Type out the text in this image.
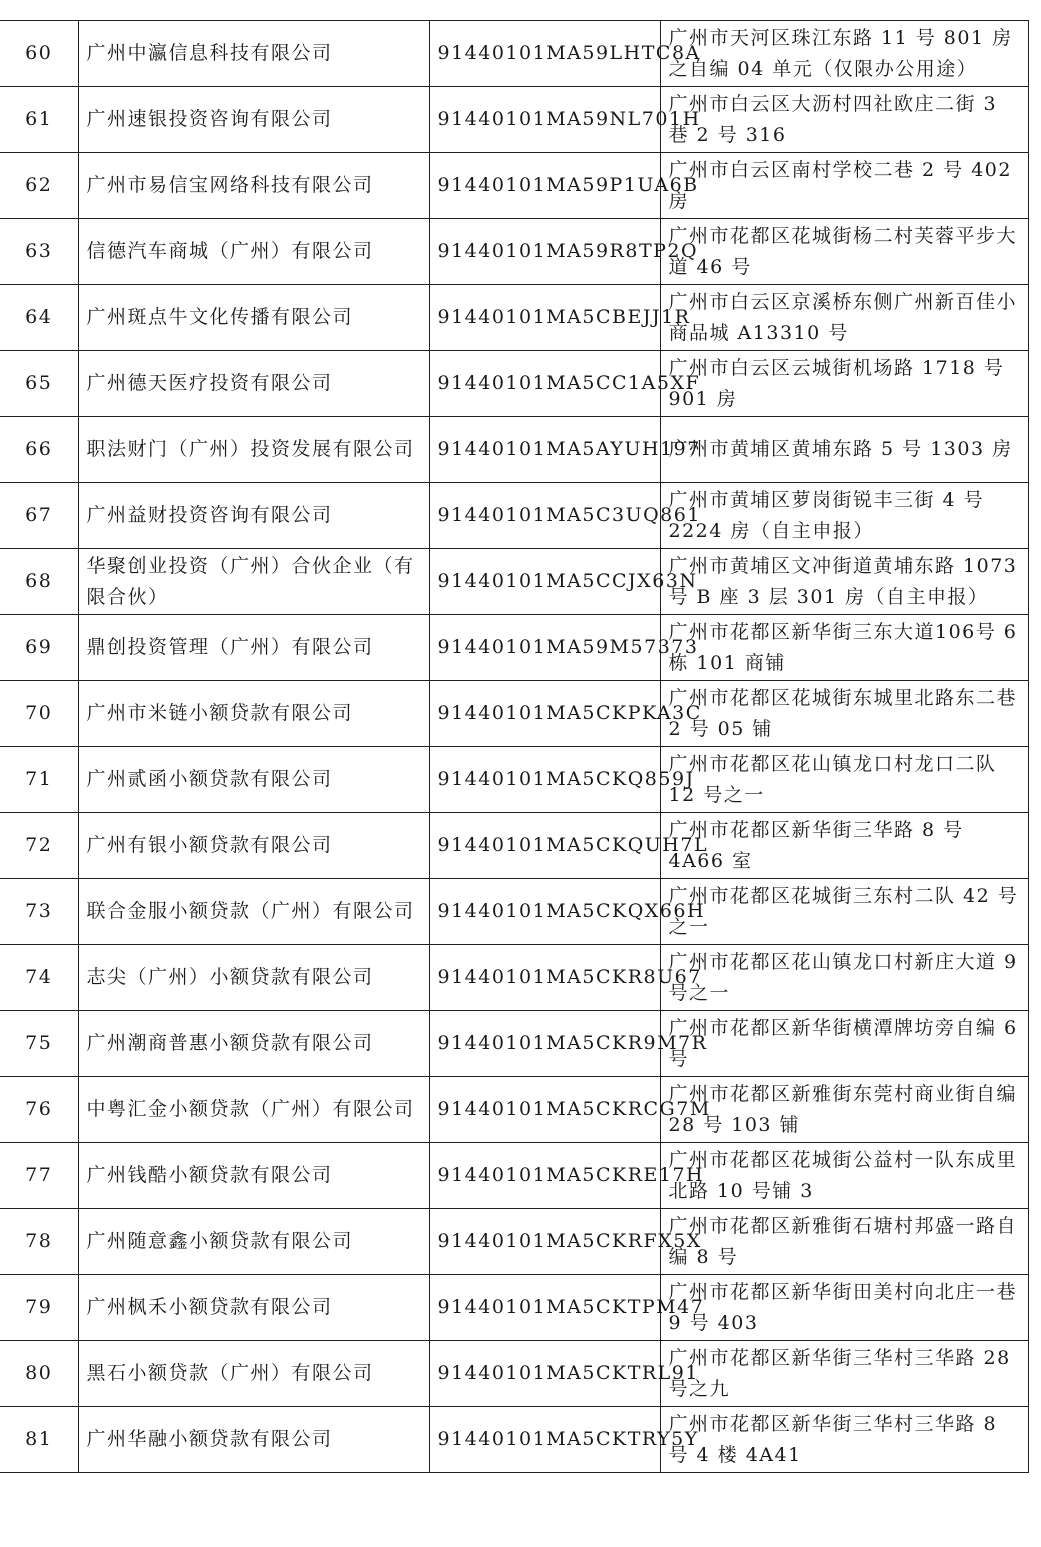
60	广州中瀛信息科技有限公司	91440101MA59LHTC8A	广州市天河区珠江东路 11 号 801 房之自编 04 单元（仅限办公用途）
61	广州速银投资咨询有限公司	91440101MA59NL701H	广州市白云区大沥村四社欧庄二街 3 巷 2 号 316
62	广州市易信宝网络科技有限公司	91440101MA59P1UA6B	广州市白云区南村学校二巷 2 号 402 房
63	信德汽车商城（广州）有限公司	91440101MA59R8TP2Q	广州市花都区花城街杨二村芙蓉平步大道 46 号
64	广州斑点牛文化传播有限公司	91440101MA5CBEJJ1R	广州市白云区京溪桥东侧广州新百佳小商品城 A13310 号
65	广州德天医疗投资有限公司	91440101MA5CC1A5XF	广州市白云区云城街机场路 1718 号 901 房
66	职法财门（广州）投资发展有限公司	91440101MA5AYUH197	广州市黄埔区黄埔东路 5 号 1303 房
67	广州益财投资咨询有限公司	91440101MA5C3UQ861	广州市黄埔区萝岗街锐丰三街 4 号 2224 房（自主申报）
68	华聚创业投资（广州）合伙企业（有限合伙）	91440101MA5CCJX63N	广州市黄埔区文冲街道黄埔东路 1073 号 B 座 3 层 301 房（自主申报）
69	鼎创投资管理（广州）有限公司	91440101MA59M57373	广州市花都区新华街三东大道106号 6 栋 101 商铺
70	广州市米链小额贷款有限公司	91440101MA5CKPKA3C	广州市花都区花城街东城里北路东二巷 2 号 05 铺
71	广州贰函小额贷款有限公司	91440101MA5CKQ859J	广州市花都区花山镇龙口村龙口二队 12 号之一
72	广州有银小额贷款有限公司	91440101MA5CKQUH7L	广州市花都区新华街三华路 8 号 4A66 室
73	联合金服小额贷款（广州）有限公司	91440101MA5CKQX66H	广州市花都区花城街三东村二队 42 号之一
74	志尖（广州）小额贷款有限公司	91440101MA5CKR8U67	广州市花都区花山镇龙口村新庄大道 9 号之一
75	广州潮商普惠小额贷款有限公司	91440101MA5CKR9M7R	广州市花都区新华街横潭牌坊旁自编 6 号
76	中粤汇金小额贷款（广州）有限公司	91440101MA5CKRCG7M	广州市花都区新雅街东莞村商业街自编 28 号 103 铺
77	广州钱酷小额贷款有限公司	91440101MA5CKRE17H	广州市花都区花城街公益村一队东成里北路 10 号铺 3
78	广州随意鑫小额贷款有限公司	91440101MA5CKRFX5X	广州市花都区新雅街石塘村邦盛一路自编 8 号
79	广州枫禾小额贷款有限公司	91440101MA5CKTPM47	广州市花都区新华街田美村向北庄一巷 9 号 403
80	黑石小额贷款（广州）有限公司	91440101MA5CKTRL91	广州市花都区新华街三华村三华路 28 号之九
81	广州华融小额贷款有限公司	91440101MA5CKTRY5Y	广州市花都区新华街三华村三华路 8 号 4 楼 4A41
